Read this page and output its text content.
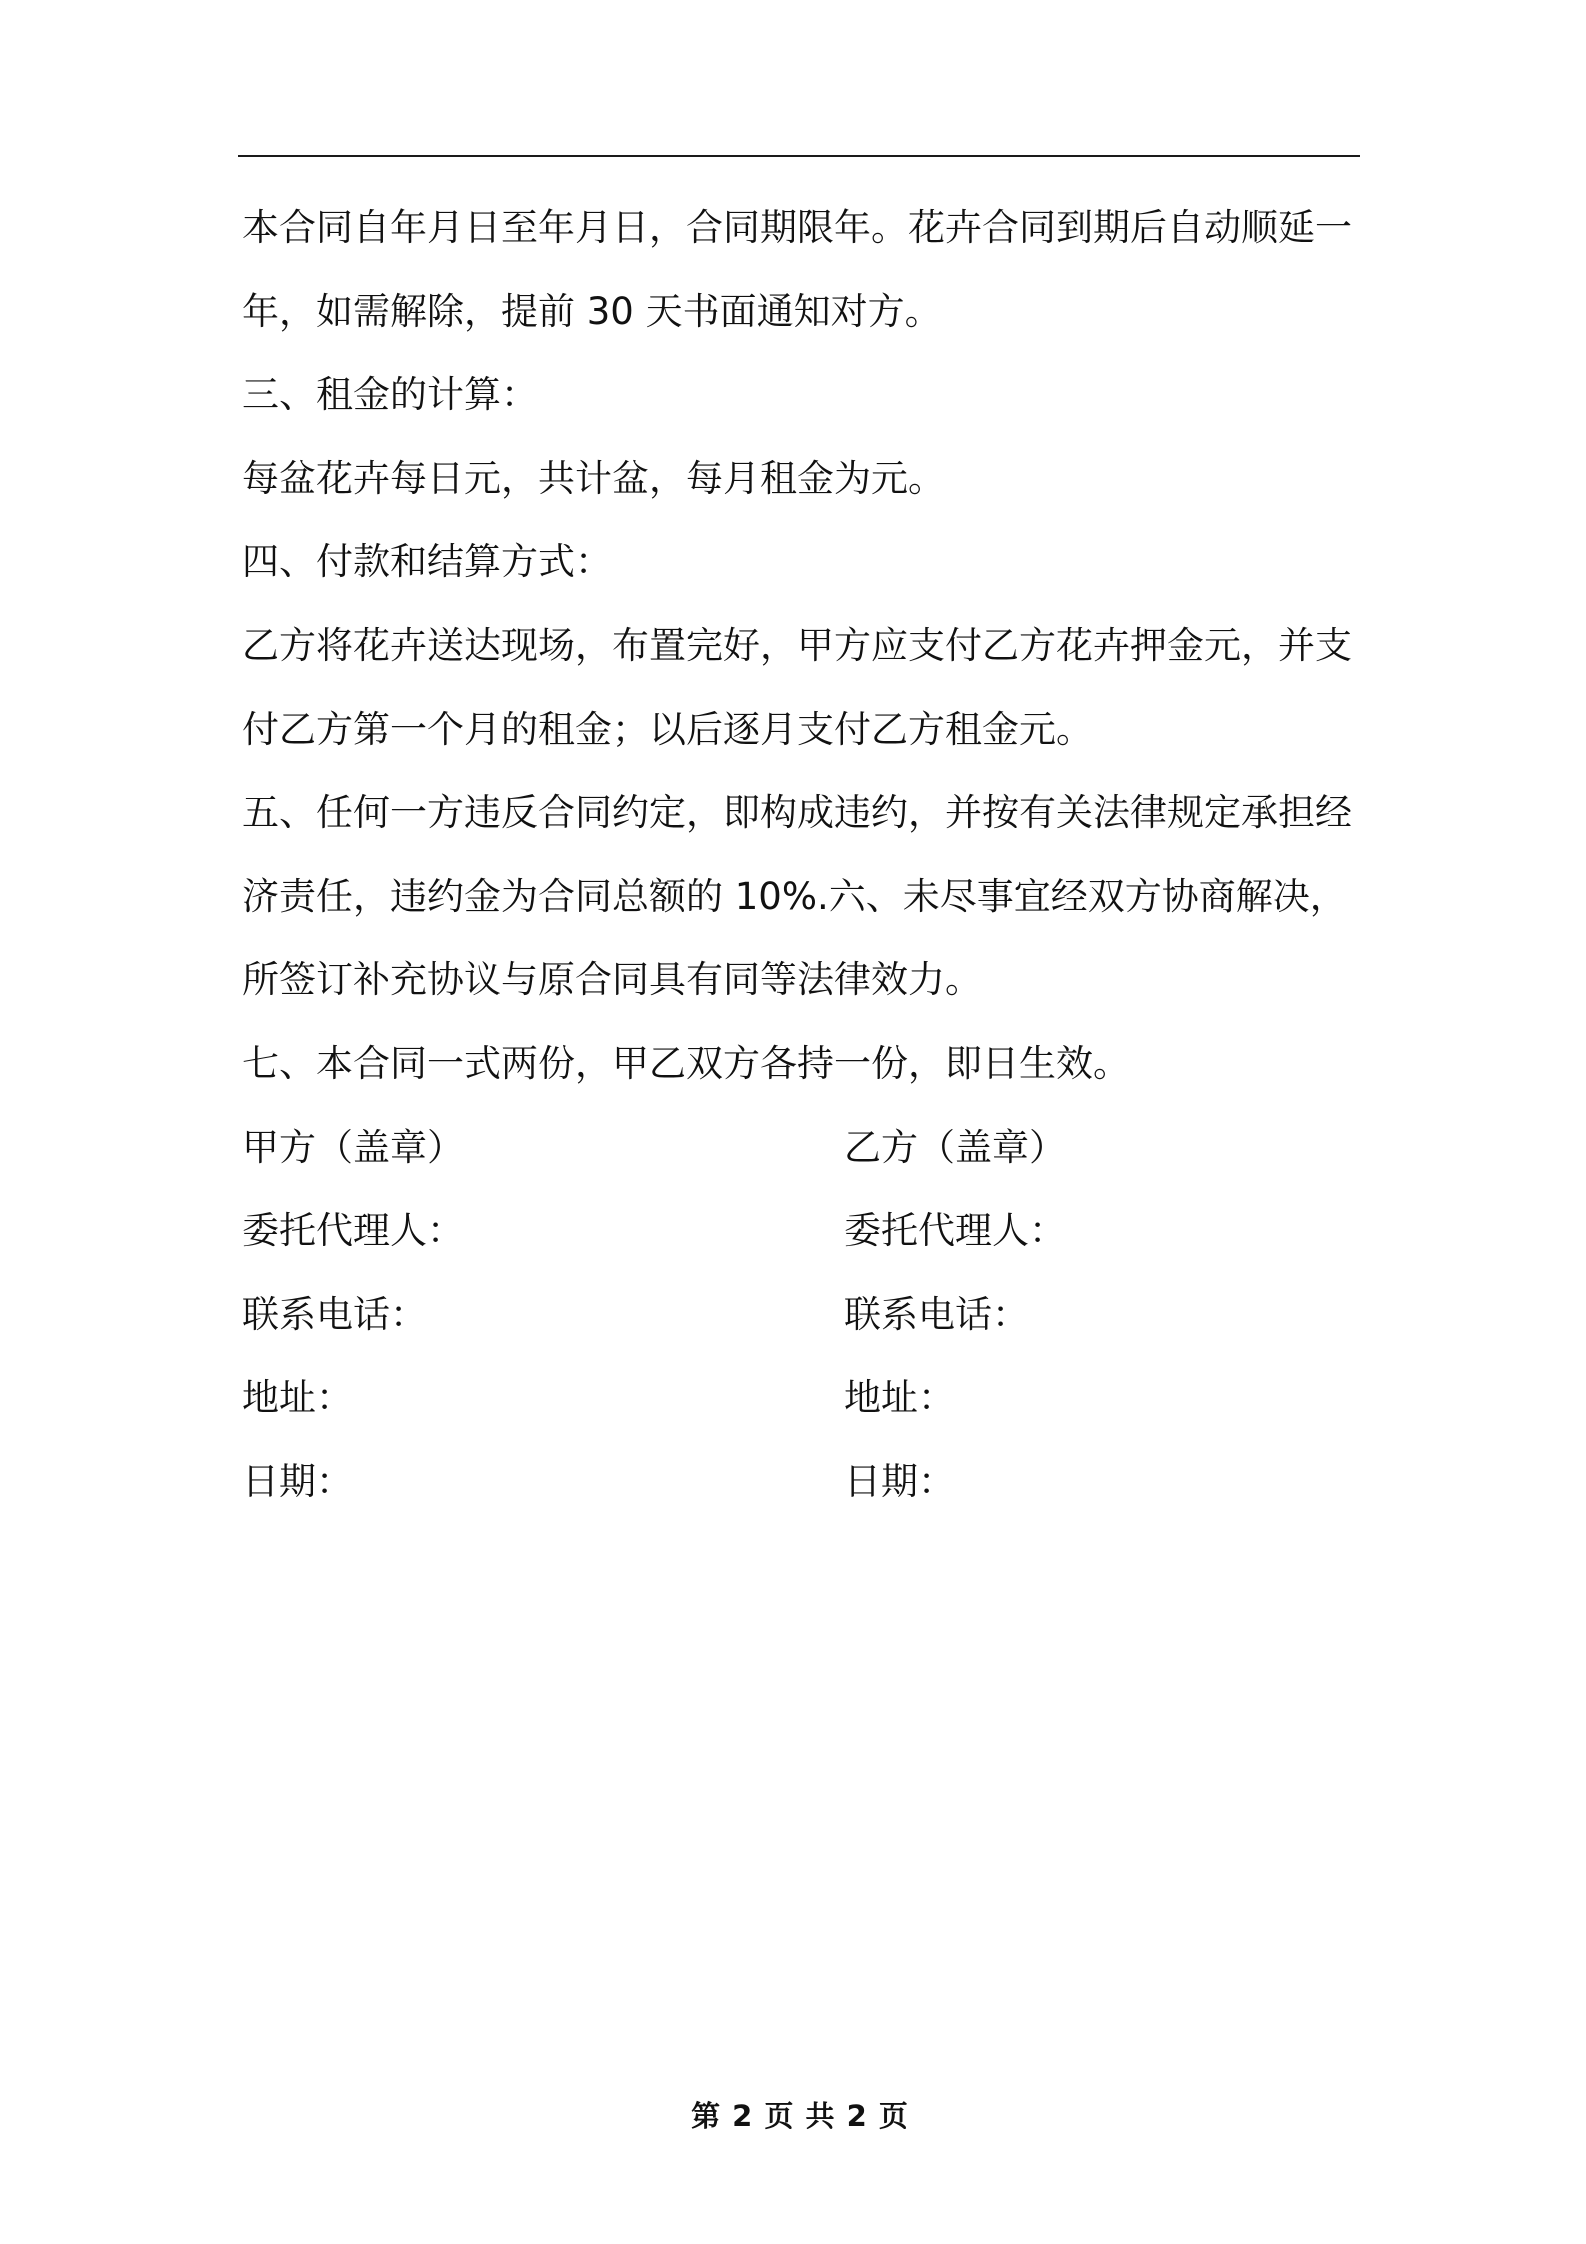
本合同自年月日至年月日，合同期限年。花卉合同到期后自动顺延一
年，如需解除，提前 30 天书面通知对方。
三、租金的计算：
每盆花卉每日元，共计盆，每月租金为元。
四、付款和结算方式：
乙方将花卉送达现场，布置完好，甲方应支付乙方花卉押金元，并支
付乙方第一个月的租金；以后逐月支付乙方租金元。
五、任何一方违反合同约定，即构成违约，并按有关法律规定承担经
济责任，违约金为合同总额的 10%.六、未尽事宜经双方协商解决，
所签订补充协议与原合同具有同等法律效力。
七、本合同一式两份，甲乙双方各持一份，即日生效。
甲方（盖章）	乙方（盖章）
委托代理人：	委托代理人：
联系电话：	联系电话：
地址：	地址：
日期：	日期：
第 2 页 共 2 页
